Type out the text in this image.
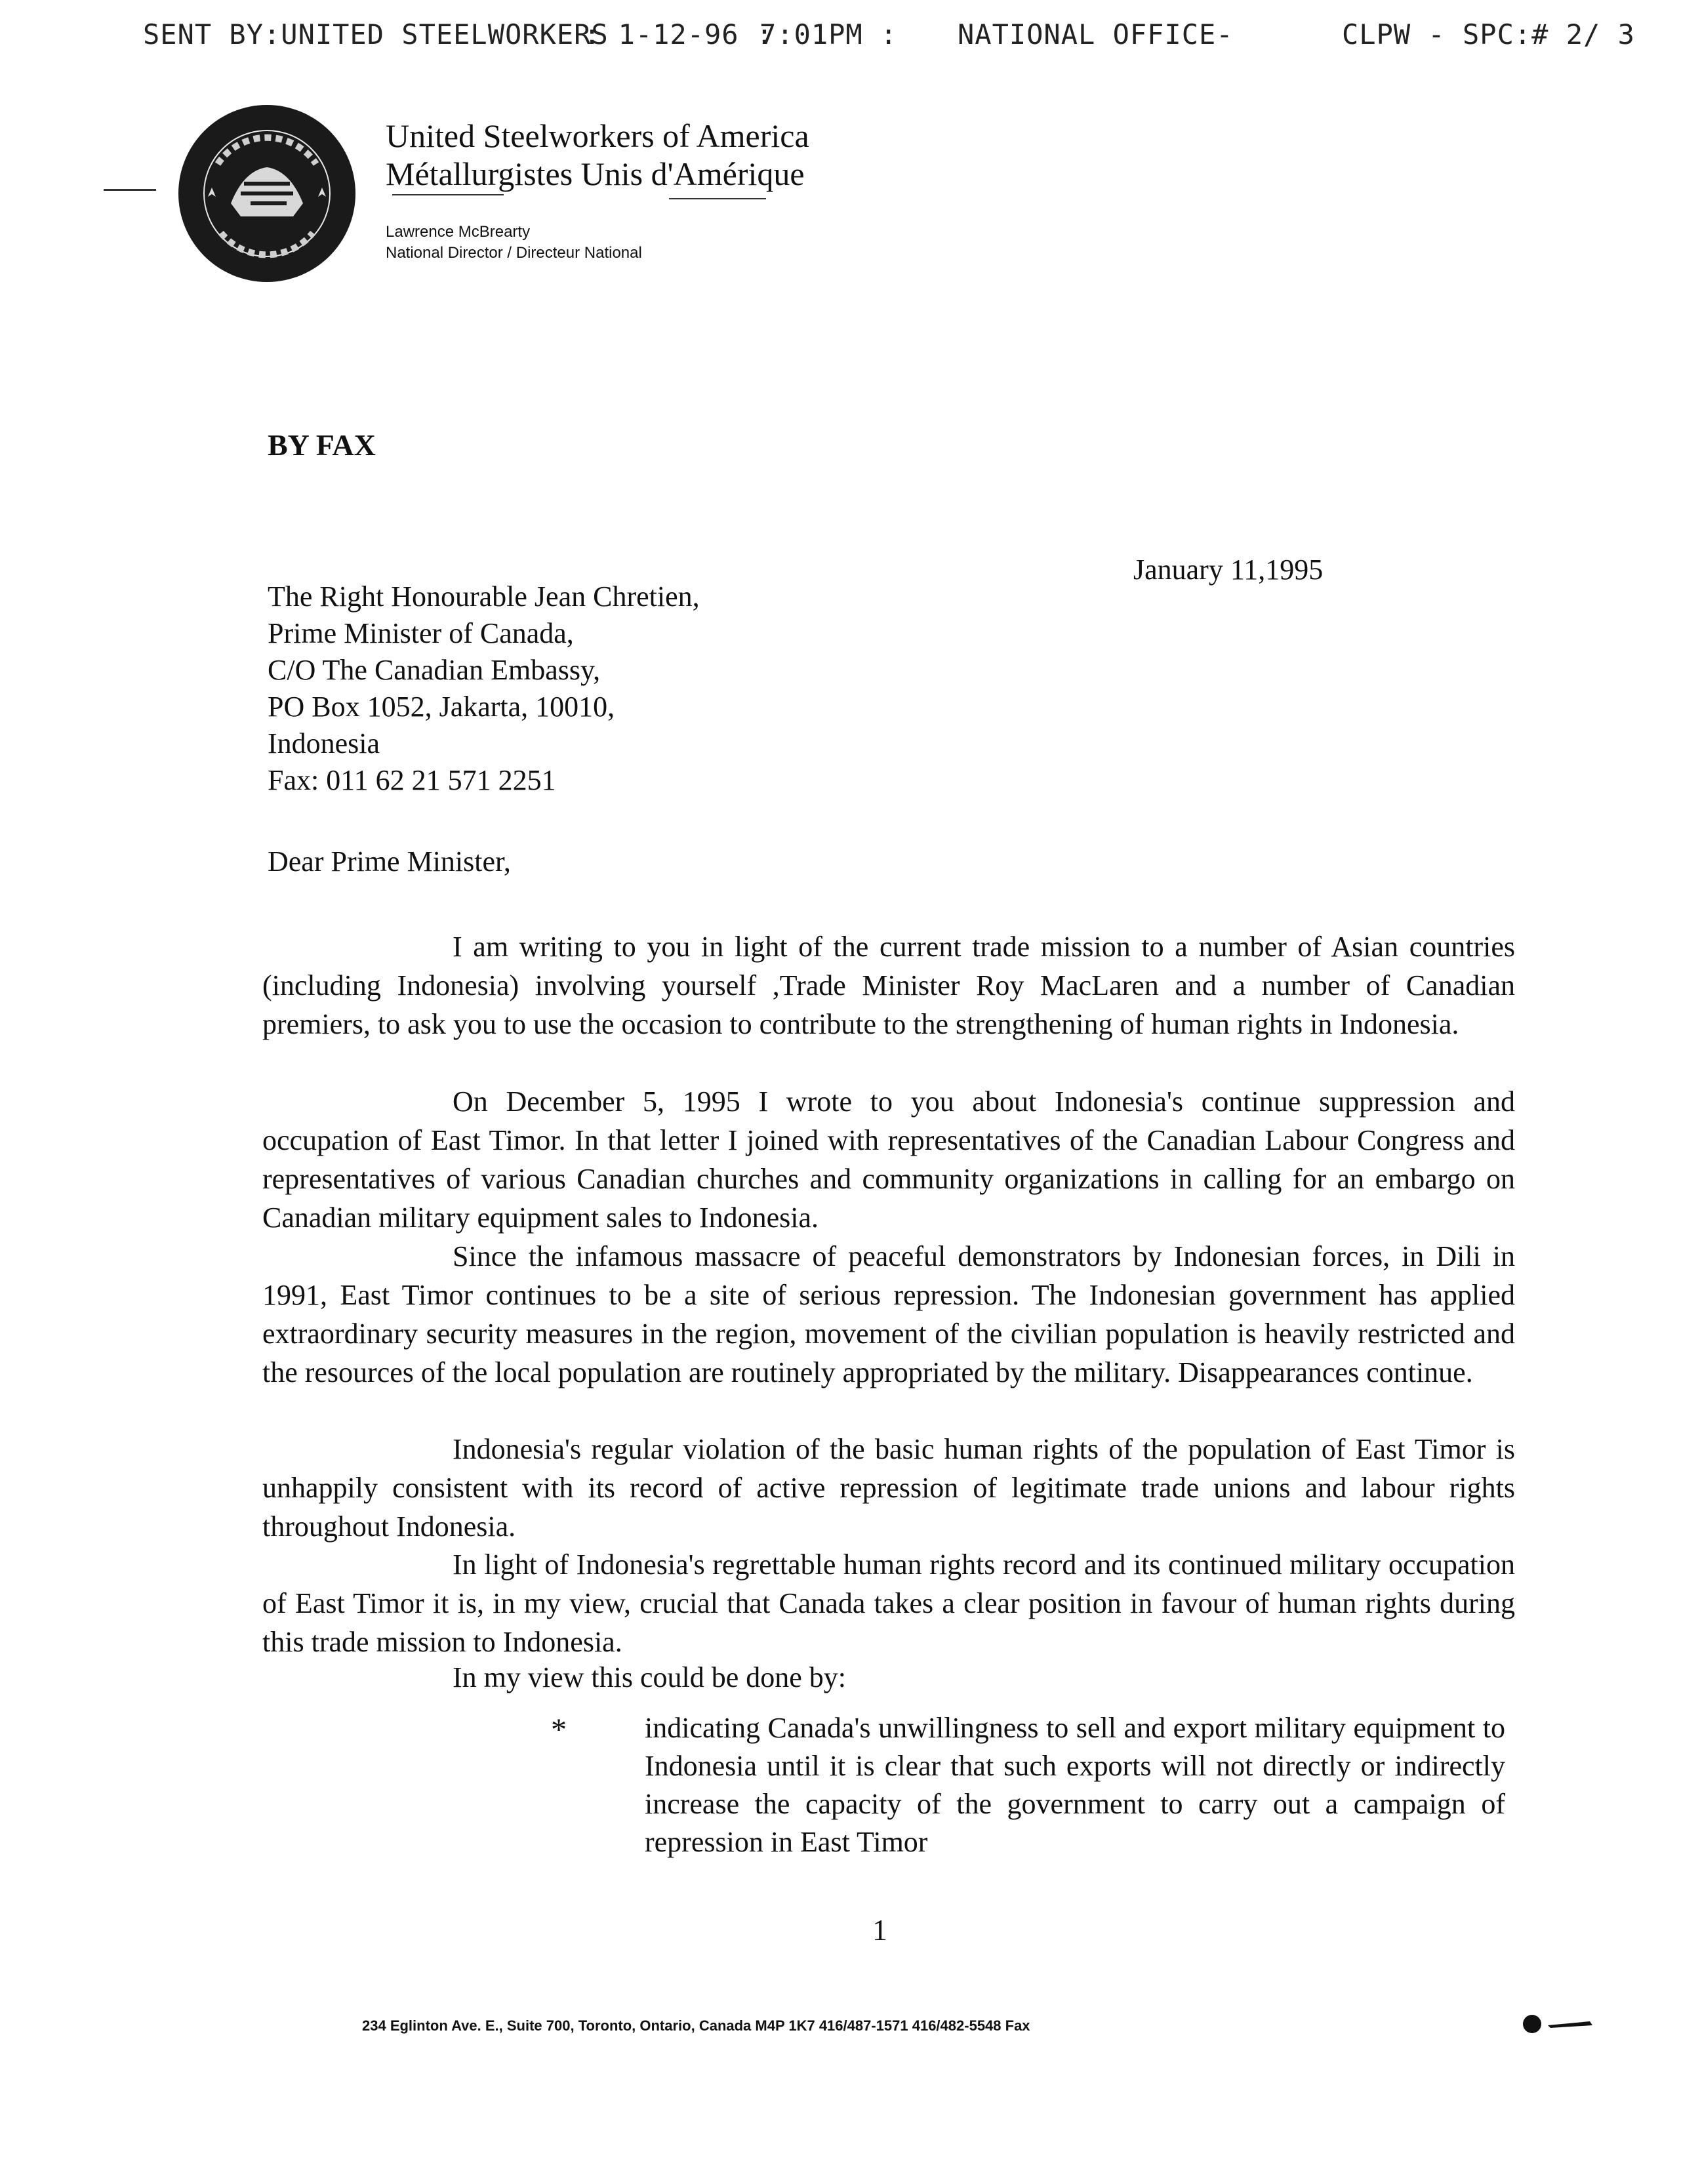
SENT BY:UNITED STEELWORKERS
: 1-12-96 :
7:01PM : NATIONAL OFFICE-	CLPW - SPC:# 2/ 3
United Steelworkers of America
Métallurgistes Unis d'Amérique
Lawrence McBrearty
National Director / Directeur National
BY FAX
January 11,1995
The Right Honourable Jean Chretien,
Prime Minister of Canada,
C/O The Canadian Embassy,
PO Box 1052, Jakarta, 10010,
Indonesia
Fax: 011 62 21 571 2251
Dear Prime Minister,

I am writing to you in light of the current trade mission to a number of Asian countries (including Indonesia) involving yourself ,Trade Minister Roy MacLaren and a number of Canadian premiers, to ask you to use the occasion to contribute to the strengthening of human rights in Indonesia.

On December 5, 1995 I wrote to you about Indonesia's continue suppression and occupation of East Timor. In that letter I joined with representatives of the Canadian Labour Congress and representatives of various Canadian churches and community organizations in calling for an embargo on Canadian military equipment sales to Indonesia.

Since the infamous massacre of peaceful demonstrators by Indonesian forces, in Dili in 1991, East Timor continues to be a site of serious repression. The Indonesian government has applied extraordinary security measures in the region, movement of the civilian population is heavily restricted and the resources of the local population are routinely appropriated by the military. Disappearances continue.

Indonesia's regular violation of the basic human rights of the population of East Timor is unhappily consistent with its record of active repression of legitimate trade unions and labour rights throughout Indonesia.

In light of Indonesia's regrettable human rights record and its continued military occupation of East Timor it is, in my view, crucial that Canada takes a clear position in favour of human rights during this trade mission to Indonesia.

In my view this could be done by:

*	indicating Canada's unwillingness to sell and export military equipment to Indonesia until it is clear that such exports will not directly or indirectly increase the capacity of the government to carry out a campaign of repression in East Timor

1
234 Eglinton Ave. E., Suite 700, Toronto, Ontario, Canada M4P 1K7 416/487-1571 416/482-5548 Fax
